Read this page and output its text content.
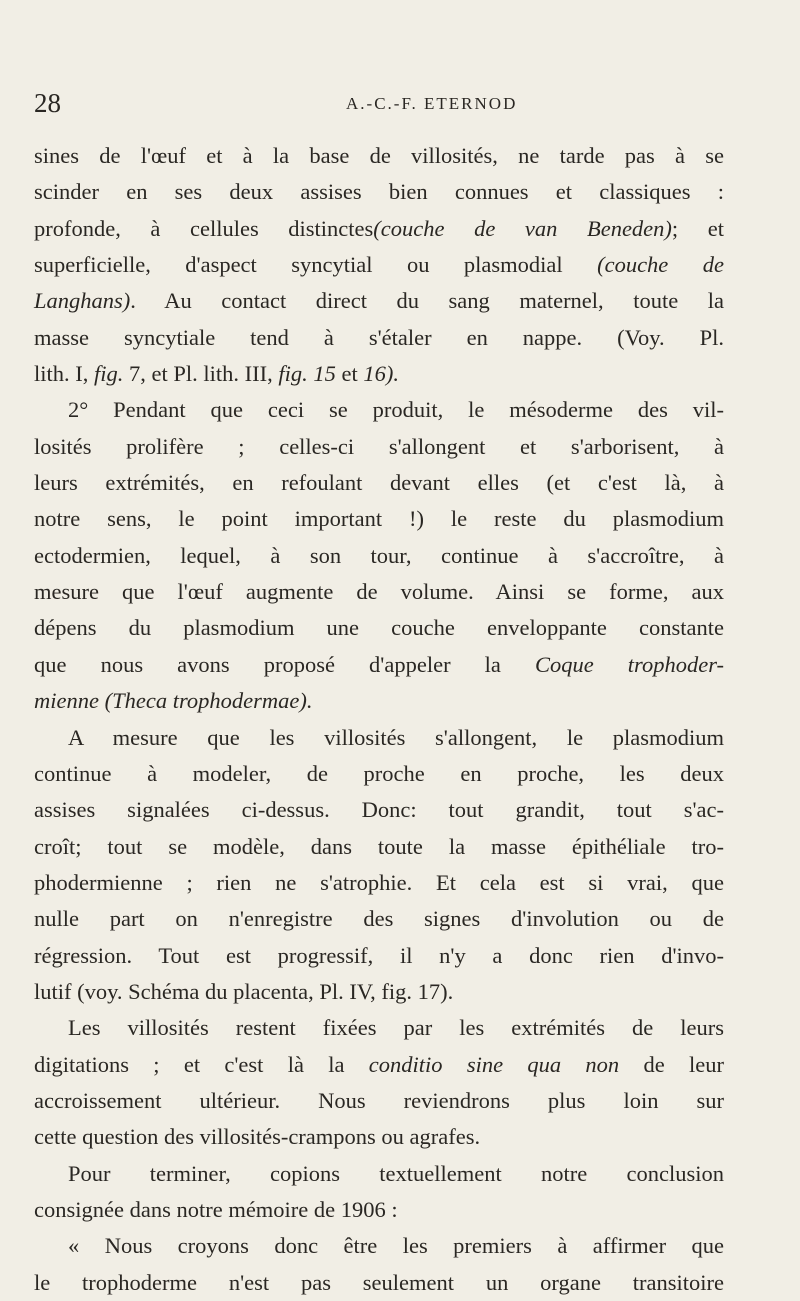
28	A.-C.-F. ETERNOD
sines de l'œuf et à la base de villosités, ne tarde pas à se
scinder en ses deux assises bien connues et classiques :
profonde, à cellules distinctes(couche de van Beneden); et
superficielle, d'aspect syncytial ou plasmodial (couche de
Langhans). Au contact direct du sang maternel, toute la
masse syncytiale tend à s'étaler en nappe. (Voy. Pl.
lith. I, fig. 7, et Pl. lith. III, fig. 15 et 16).
2° Pendant que ceci se produit, le mésoderme des vil-
losités prolifère ; celles-ci s'allongent et s'arborisent, à
leurs extrémités, en refoulant devant elles (et c'est là, à
notre sens, le point important !) le reste du plasmodium
ectodermien, lequel, à son tour, continue à s'accroître, à
mesure que l'œuf augmente de volume. Ainsi se forme, aux
dépens du plasmodium une couche enveloppante constante
que nous avons proposé d'appeler la Coque trophoder-
mienne (Theca trophodermae).
A mesure que les villosités s'allongent, le plasmodium
continue à modeler, de proche en proche, les deux
assises signalées ci-dessus. Donc: tout grandit, tout s'ac-
croît; tout se modèle, dans toute la masse épithéliale tro-
phodermienne ; rien ne s'atrophie. Et cela est si vrai, que
nulle part on n'enregistre des signes d'involution ou de
régression. Tout est progressif, il n'y a donc rien d'invo-
lutif (voy. Schéma du placenta, Pl. IV, fig. 17).
Les villosités restent fixées par les extrémités de leurs
digitations ; et c'est là la conditio sine qua non de leur
accroissement ultérieur. Nous reviendrons plus loin sur
cette question des villosités-crampons ou agrafes.
Pour terminer, copions textuellement notre conclusion
consignée dans notre mémoire de 1906 :
« Nous croyons donc être les premiers à affirmer que
le trophoderme n'est pas seulement un organe transitoire
